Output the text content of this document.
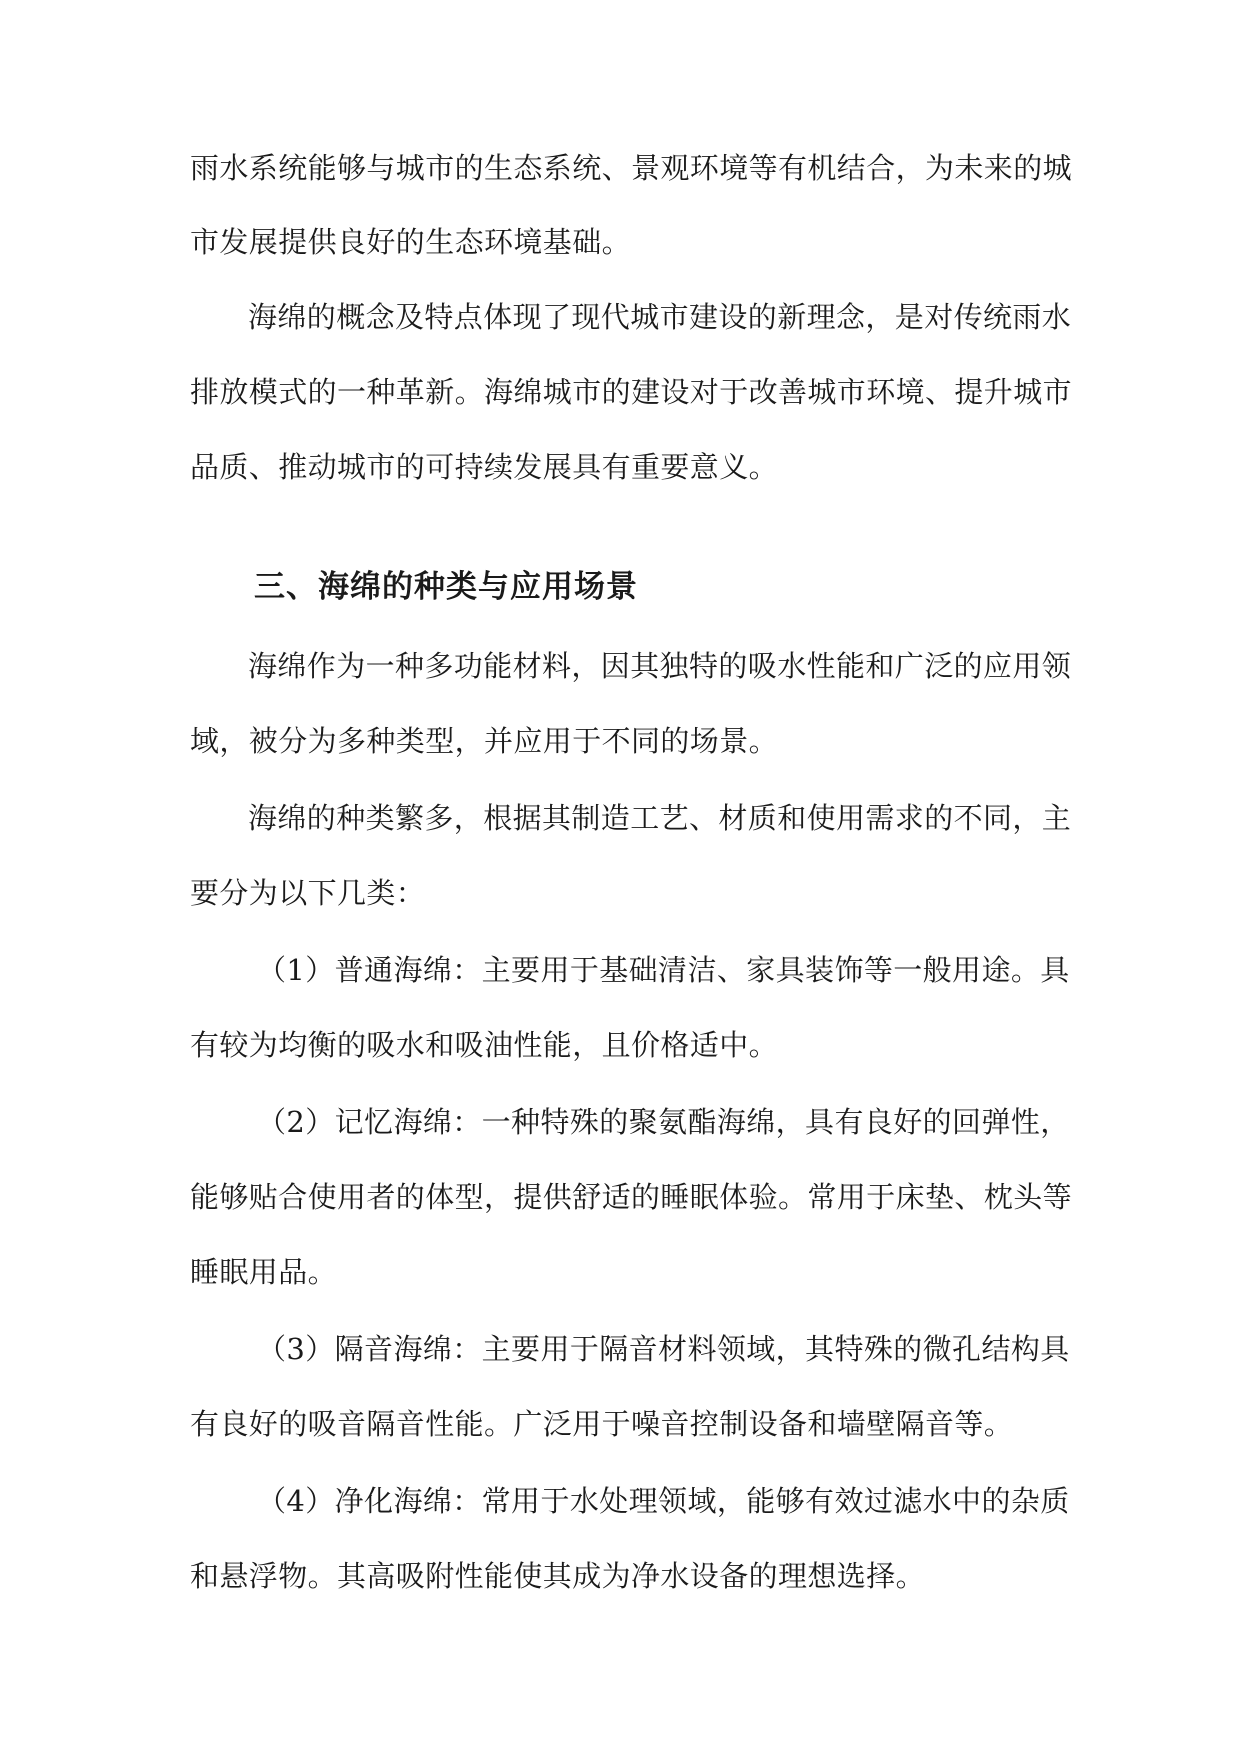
雨水系统能够与城市的生态系统、景观环境等有机结合，为未来的城
市发展提供良好的生态环境基础。
海绵的概念及特点体现了现代城市建设的新理念，是对传统雨水
排放模式的一种革新。海绵城市的建设对于改善城市环境、提升城市
品质、推动城市的可持续发展具有重要意义。
三、海绵的种类与应用场景
海绵作为一种多功能材料，因其独特的吸水性能和广泛的应用领
域，被分为多种类型，并应用于不同的场景。
海绵的种类繁多，根据其制造工艺、材质和使用需求的不同，主
要分为以下几类：
（1）普通海绵：主要用于基础清洁、家具装饰等一般用途。具
有较为均衡的吸水和吸油性能，且价格适中。
（2）记忆海绵：一种特殊的聚氨酯海绵，具有良好的回弹性，
能够贴合使用者的体型，提供舒适的睡眠体验。常用于床垫、枕头等
睡眠用品。
（3）隔音海绵：主要用于隔音材料领域，其特殊的微孔结构具
有良好的吸音隔音性能。广泛用于噪音控制设备和墙壁隔音等。
（4）净化海绵：常用于水处理领域，能够有效过滤水中的杂质
和悬浮物。其高吸附性能使其成为净水设备的理想选择。
